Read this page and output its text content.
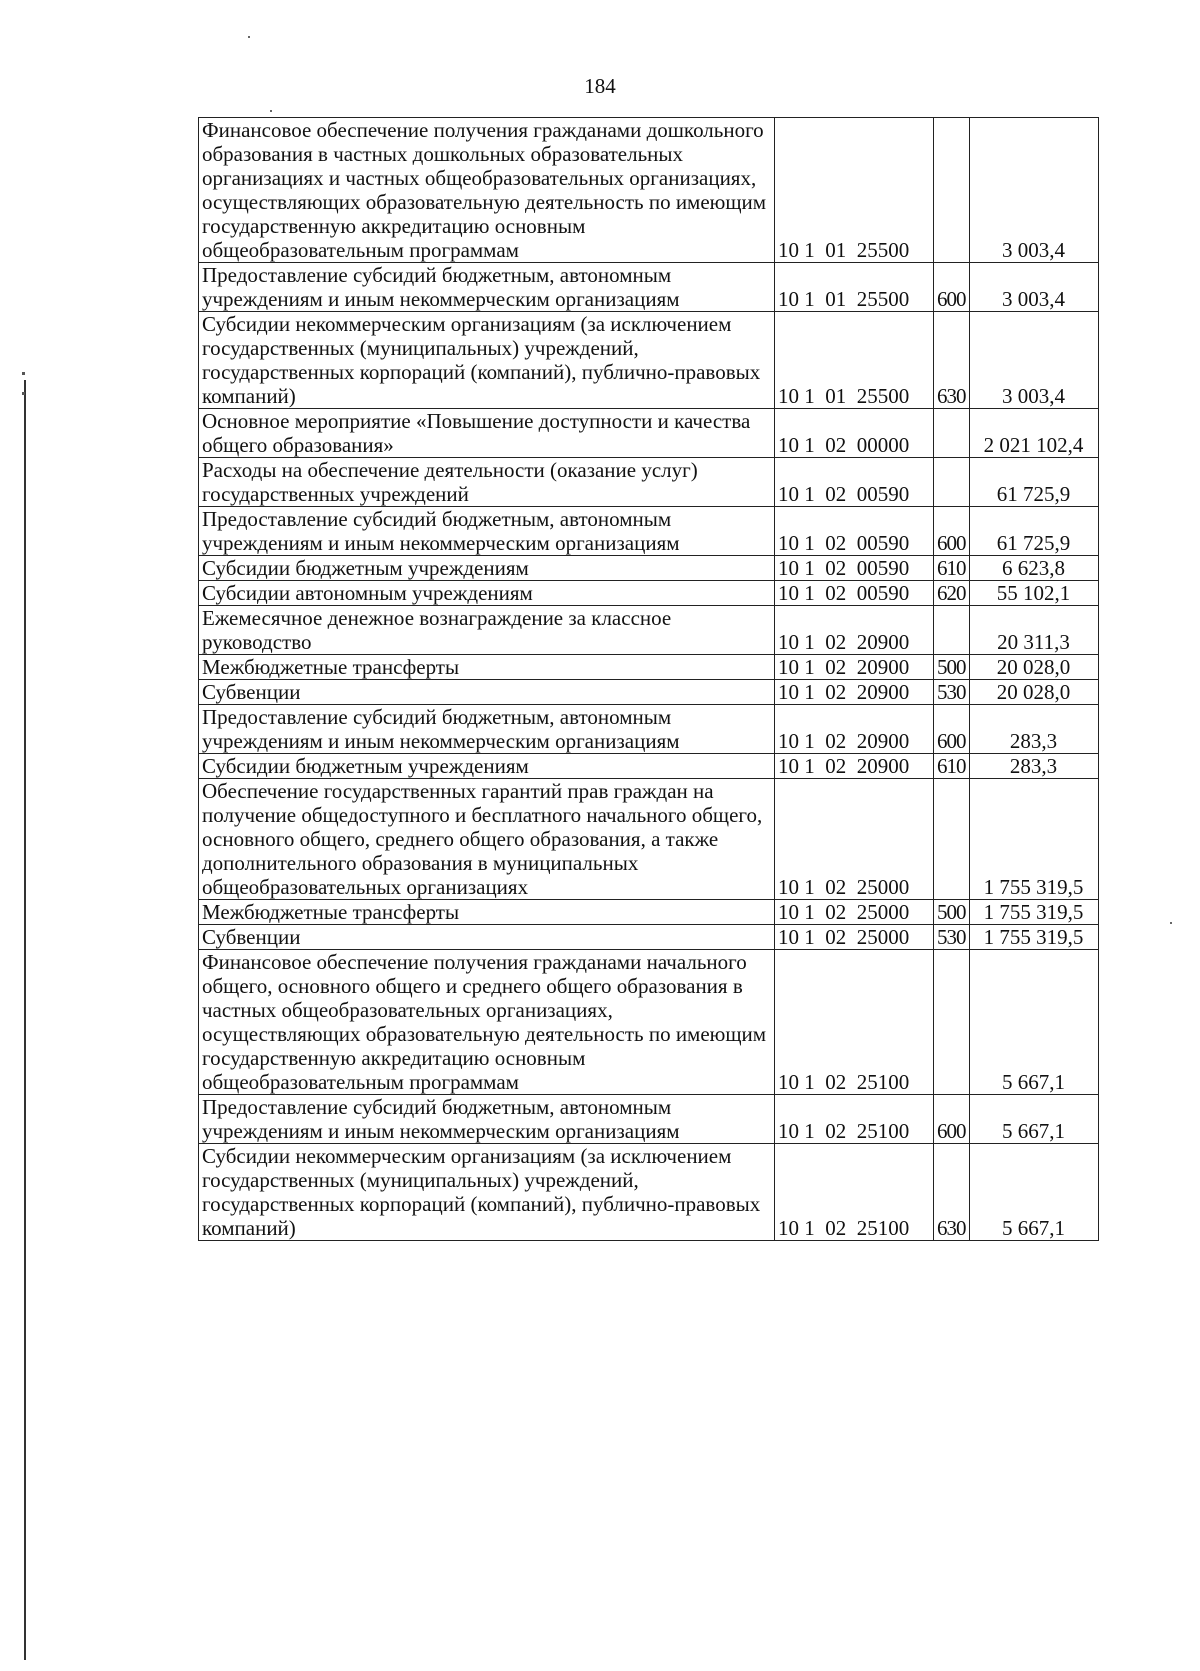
184
Финансовое обеспечение получения гражданами дошкольного образования в частных дошкольных образовательных организациях и частных общеобразовательных организациях, осуществляющих образовательную деятельность по имеющим государственную аккредитацию основным общеобразовательным программам	10 1  01  25500		3 003,4
Предоставление субсидий бюджетным, автономным учреждениям и иным некоммерческим организациям	10 1  01  25500	600	3 003,4
Субсидии некоммерческим организациям (за исключением государственных (муниципальных) учреждений, государственных корпораций (компаний), публично-правовых компаний)	10 1  01  25500	630	3 003,4
Основное мероприятие «Повышение доступности и качества общего образования»	10 1  02  00000		2 021 102,4
Расходы на обеспечение деятельности (оказание услуг) государственных учреждений	10 1  02  00590		61 725,9
Предоставление субсидий бюджетным, автономным учреждениям и иным некоммерческим организациям	10 1  02  00590	600	61 725,9
Субсидии бюджетным учреждениям	10 1  02  00590	610	6 623,8
Субсидии автономным учреждениям	10 1  02  00590	620	55 102,1
Ежемесячное денежное вознаграждение за классное руководство	10 1  02  20900		20 311,3
Межбюджетные трансферты	10 1  02  20900	500	20 028,0
Субвенции	10 1  02  20900	530	20 028,0
Предоставление субсидий бюджетным, автономным учреждениям и иным некоммерческим организациям	10 1  02  20900	600	283,3
Субсидии бюджетным учреждениям	10 1  02  20900	610	283,3
Обеспечение государственных гарантий прав граждан на получение общедоступного и бесплатного начального общего, основного общего, среднего общего образования, а также дополнительного образования в муниципальных общеобразовательных организациях	10 1  02  25000		1 755 319,5
Межбюджетные трансферты	10 1  02  25000	500	1 755 319,5
Субвенции	10 1  02  25000	530	1 755 319,5
Финансовое обеспечение получения гражданами начального общего, основного общего и среднего общего образования в частных общеобразовательных организациях, осуществляющих образовательную деятельность по имеющим государственную аккредитацию основным общеобразовательным программам	10 1  02  25100		5 667,1
Предоставление субсидий бюджетным, автономным учреждениям и иным некоммерческим организациям	10 1  02  25100	600	5 667,1
Субсидии некоммерческим организациям (за исключением государственных (муниципальных) учреждений, государственных корпораций (компаний), публично-правовых компаний)	10 1  02  25100	630	5 667,1
